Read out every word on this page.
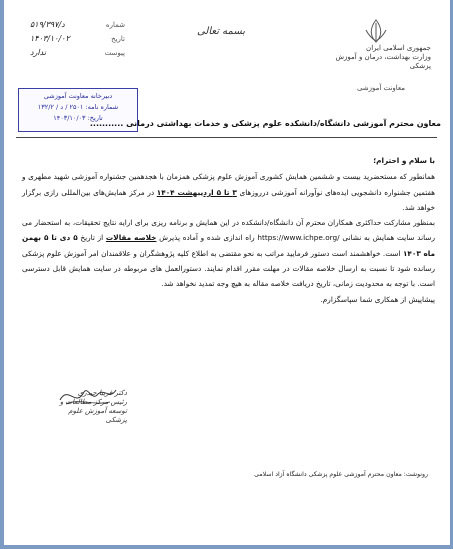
جمهوری اسلامی ایران
وزارت بهداشت، درمان و آموزش پزشکی
معاونت آموزشی
بسمه تعالی
۵۱۹/۳۹۷/د	شماره
۱۴۰۳/۱۰/۰۲	تاریخ
ندارد	پیوست
دبیرخانه معاونت آموزشی
شماره نامه: ۲۵۰۱ / د / ۱۳۲/۲
تاریخ: ۱۴۰۳/۱۰/۰۳
معاون محترم آموزشی دانشگاه/دانشکده علوم پزشکی و خدمات بهداشتی درمانی ...........

با سلام و احترام؛

همانطور که مستحضرید بیست و ششمین همایش کشوری آموزش علوم پزشکی همزمان با هجدهمین جشنواره آموزشی شهید مطهری و هفتمین جشنواره دانشجویی ایده‌های نوآورانه آموزشی درروزهای ۳ تا ۵ اردیبهشت ۱۴۰۴ در مرکز همایش‌های بین‌المللی رازی برگزار خواهد شد.

بمنظور مشارکت حداکثری همکاران محترم آن دانشگاه/دانشکده در این همایش و برنامه ریزی برای ارایه نتایج تحقیقات، به استحضار می رساند سایت همایش به نشانی https://www.ichpe.org/ راه اندازی شده و آماده پذیرش خلاصه مقالات از تاریخ ۵ دی تا ۵ بهمن ماه ۱۴۰۳ است. خواهشمند است دستور فرمایید مراتب به نحو مقتضی به اطلاع کلیه پژوهشگران و علاقمندان امر آموزش علوم پزشکی رسانده شود تا نسبت به ارسال خلاصه مقالات در مهلت مقرر اقدام نمایند. دستورالعمل های مربوطه در سایت همایش قابل دسترسی است. با توجه به محدودیت زمانی، تاریخ دریافت خلاصه مقاله به هیچ وجه تمدید نخواهد شد.

پیشاپیش از همکاری شما سپاسگزارم.

دکتر فریبا حیدری
رئیس مرکز مطالعات و توسعه آموزش علوم پزشکی
رونوشت: معاون محترم آموزشی علوم پزشکی دانشگاه آزاد اسلامی
